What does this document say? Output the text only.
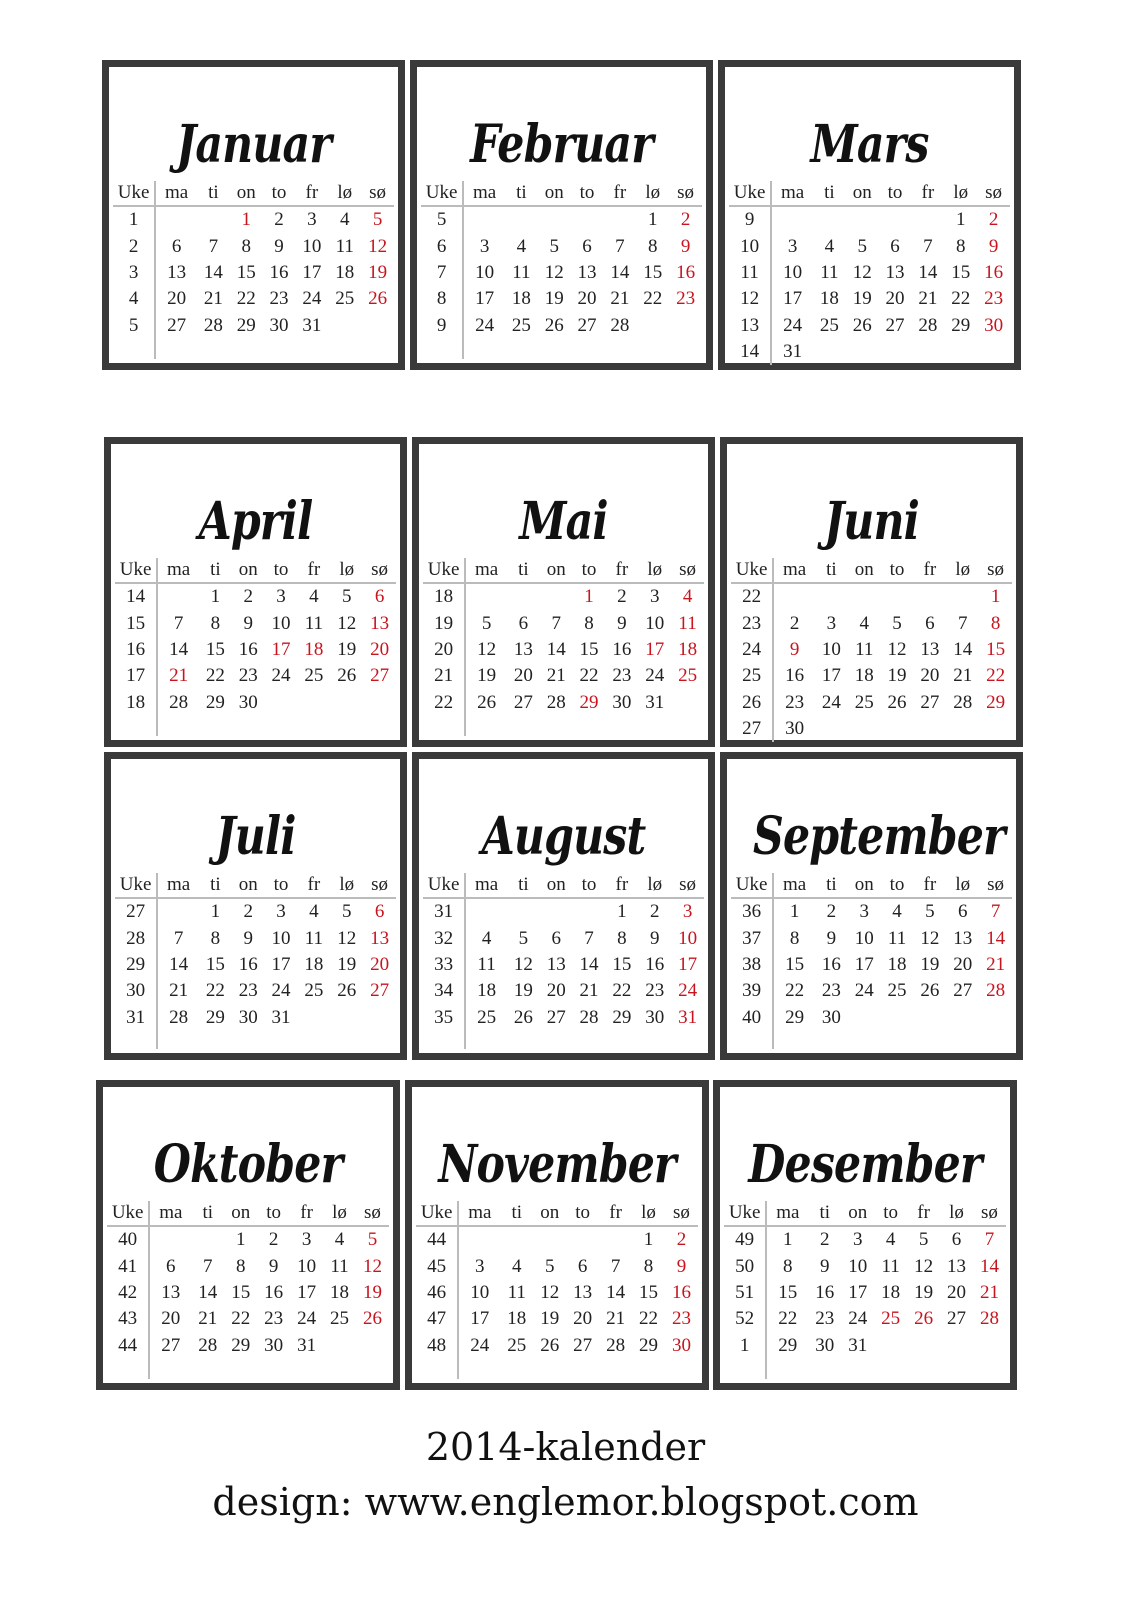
Januar
Uke	ma	ti	on	to	fr	lø	sø
1			1	2	3	4	5
2	6	7	8	9	10	11	12
3	13	14	15	16	17	18	19
4	20	21	22	23	24	25	26
5	27	28	29	30	31		

Februar
Uke	ma	ti	on	to	fr	lø	sø
5						1	2
6	3	4	5	6	7	8	9
7	10	11	12	13	14	15	16
8	17	18	19	20	21	22	23
9	24	25	26	27	28		

Mars
Uke	ma	ti	on	to	fr	lø	sø
9						1	2
10	3	4	5	6	7	8	9
11	10	11	12	13	14	15	16
12	17	18	19	20	21	22	23
13	24	25	26	27	28	29	30
14	31						

April
Uke	ma	ti	on	to	fr	lø	sø
14		1	2	3	4	5	6
15	7	8	9	10	11	12	13
16	14	15	16	17	18	19	20
17	21	22	23	24	25	26	27
18	28	29	30				

Mai
Uke	ma	ti	on	to	fr	lø	sø
18				1	2	3	4
19	5	6	7	8	9	10	11
20	12	13	14	15	16	17	18
21	19	20	21	22	23	24	25
22	26	27	28	29	30	31	

Juni
Uke	ma	ti	on	to	fr	lø	sø
22							1
23	2	3	4	5	6	7	8
24	9	10	11	12	13	14	15
25	16	17	18	19	20	21	22
26	23	24	25	26	27	28	29
27	30						

Juli
Uke	ma	ti	on	to	fr	lø	sø
27		1	2	3	4	5	6
28	7	8	9	10	11	12	13
29	14	15	16	17	18	19	20
30	21	22	23	24	25	26	27
31	28	29	30	31			

August
Uke	ma	ti	on	to	fr	lø	sø
31					1	2	3
32	4	5	6	7	8	9	10
33	11	12	13	14	15	16	17
34	18	19	20	21	22	23	24
35	25	26	27	28	29	30	31

September
Uke	ma	ti	on	to	fr	lø	sø
36	1	2	3	4	5	6	7
37	8	9	10	11	12	13	14
38	15	16	17	18	19	20	21
39	22	23	24	25	26	27	28
40	29	30					

Oktober
Uke	ma	ti	on	to	fr	lø	sø
40			1	2	3	4	5
41	6	7	8	9	10	11	12
42	13	14	15	16	17	18	19
43	20	21	22	23	24	25	26
44	27	28	29	30	31		

November
Uke	ma	ti	on	to	fr	lø	sø
44						1	2
45	3	4	5	6	7	8	9
46	10	11	12	13	14	15	16
47	17	18	19	20	21	22	23
48	24	25	26	27	28	29	30

Desember
Uke	ma	ti	on	to	fr	lø	sø
49	1	2	3	4	5	6	7
50	8	9	10	11	12	13	14
51	15	16	17	18	19	20	21
52	22	23	24	25	26	27	28
1	29	30	31				

2014-kalender
design: www.englemor.blogspot.com
